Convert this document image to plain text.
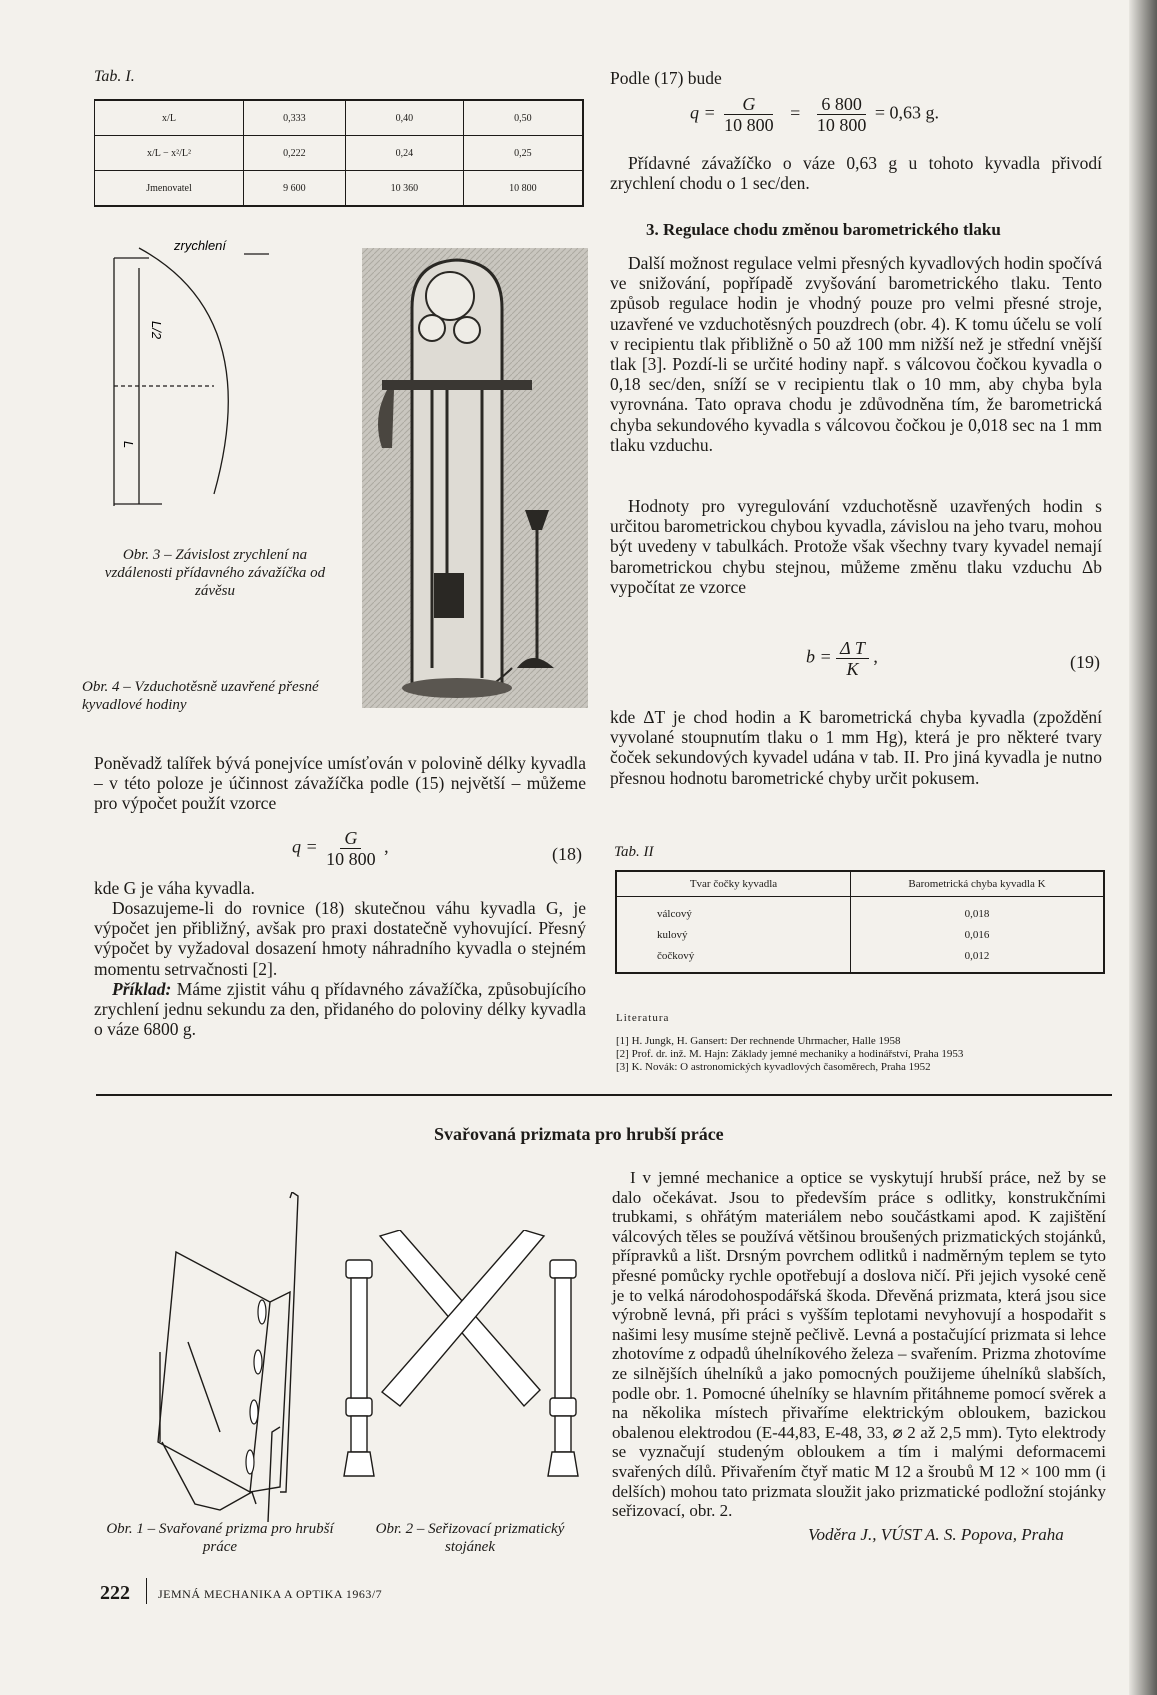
Tab. I.
x/L	0,333	0,40	0,50
x/L − x²/L²	0,222	0,24	0,25
Jmenovatel	9 600	10 360	10 800
zrychlení
L/2
L
Obr. 3 – Závislost zrychlení na vzdálenosti přídavného závažíčka od závěsu
Obr. 4 – Vzduchotěsně uzavřené přesné kyvadlové hodiny

Poněvadž talířek bývá ponejvíce umísťován v polovině délky kyvadla – v této poloze je účinnost závažíčka podle (15) největší – můžeme pro výpočet použít vzorce

$q = \frac{G}{10 800}$ ,	(18)

kde G je váha kyvadla.

Dosazujeme-li do rovnice (18) skutečnou váhu kyvadla G, je výpočet jen přibližný, avšak pro praxi dostatečně vyhovující. Přesný výpočet by vyžadoval dosazení hmoty náhradního kyvadla o stejném momentu setrvačnosti [2].

Příklad: Máme zjistit váhu q přídavného závažíčka, způsobujícího zrychlení jednu sekundu za den, přidaného do poloviny délky kyvadla o váze 6800 g.

Podle (17) bude
$q = \frac{G}{10 800} = \frac{6 800}{10 800} = 0,63$ g.

Přídavné závažíčko o váze 0,63 g u tohoto kyvadla přivodí zrychlení chodu o 1 sec/den.

3. Regulace chodu změnou barometrického tlaku

Další možnost regulace velmi přesných kyvadlových hodin spočívá ve snižování, popřípadě zvyšování barometrického tlaku. Tento způsob regulace hodin je vhodný pouze pro velmi přesné stroje, uzavřené ve vzduchotěsných pouzdrech (obr. 4). K tomu účelu se volí v recipientu tlak přibližně o 50 až 100 mm nižší než je střední vnější tlak [3]. Pozdí-li se určité hodiny např. s válcovou čočkou kyvadla o 0,18 sec/den, sníží se v recipientu tlak o 10 mm, aby chyba byla vyrovnána. Tato oprava chodu je zdůvodněna tím, že barometrická chyba sekundového kyvadla s válcovou čočkou je 0,018 sec na 1 mm tlaku vzduchu.

Hodnoty pro vyregulování vzduchotěsně uzavřených hodin s určitou barometrickou chybou kyvadla, závislou na jeho tvaru, mohou být uvedeny v tabulkách. Protože však všechny tvary kyvadel nemají barometrickou chybu stejnou, můžeme změnu tlaku vzduchu Δb vypočítat ze vzorce

$b = \frac{\text{Δ T}}{K}$ ,	(19)

kde ΔT je chod hodin a K barometrická chyba kyvadla (zpoždění vyvolané stoupnutím tlaku o 1 mm Hg), která je pro některé tvary čoček sekundových kyvadel udána v tab. II. Pro jiná kyvadla je nutno přesnou hodnotu barometrické chyby určit pokusem.

Tab. II
Tvar čočky kyvadla	Barometrická chyba kyvadla K
válcový	0,018
kulový	0,016
čočkový	0,012
Literatura
[1] H. Jungk, H. Gansert: Der rechnende Uhrmacher, Halle 1958
[2] Prof. dr. inž. M. Hajn: Základy jemné mechaniky a hodinářství, Praha 1953
[3] K. Novák: O astronomických kyvadlových časoměrech, Praha 1952
Svařovaná prizmata pro hrubší práce

I v jemné mechanice a optice se vyskytují hrubší práce, než by se dalo očekávat. Jsou to především práce s odlitky, konstrukčními trubkami, s ohřátým materiálem nebo součástkami apod. K zajištění válcových těles se používá většinou broušených prizmatických stojánků, přípravků a lišt. Drsným povrchem odlitků i nadměrným teplem se tyto přesné pomůcky rychle opotřebují a doslova ničí. Při jejich vysoké ceně je to velká národohospodářská škoda. Dřevěná prizmata, která jsou sice výrobně levná, při práci s vyšším teplotami nevyhovují a hospodařit s našimi lesy musíme stejně pečlivě. Levná a postačující prizmata si lehce zhotovíme z odpadů úhelníkového železa – svařením. Prizma zhotovíme ze silnějších úhelníků a jako pomocných použijeme úhelníků slabších, podle obr. 1. Pomocné úhelníky se hlavním přitáhneme pomocí svěrek a na několika místech přivaříme elektrickým obloukem, bazickou obalenou elektrodou (E-44,83, E-48, 33, ⌀ 2 až 2,5 mm). Tyto elektrody se vyznačují studeným obloukem a tím i malými deformacemi svařených dílů. Přivařením čtyř matic M 12 a šroubů M 12 × 100 mm (i delších) mohou tato prizmata sloužit jako prizmatické podložní stojánky seřizovací, obr. 2.

Voděra J., VÚST A. S. Popova, Praha
Obr. 1 – Svařované prizma pro hrubší práce
Obr. 2 – Seřizovací prizmatický stojánek
222 JEMNÁ MECHANIKA A OPTIKA 1963/7
